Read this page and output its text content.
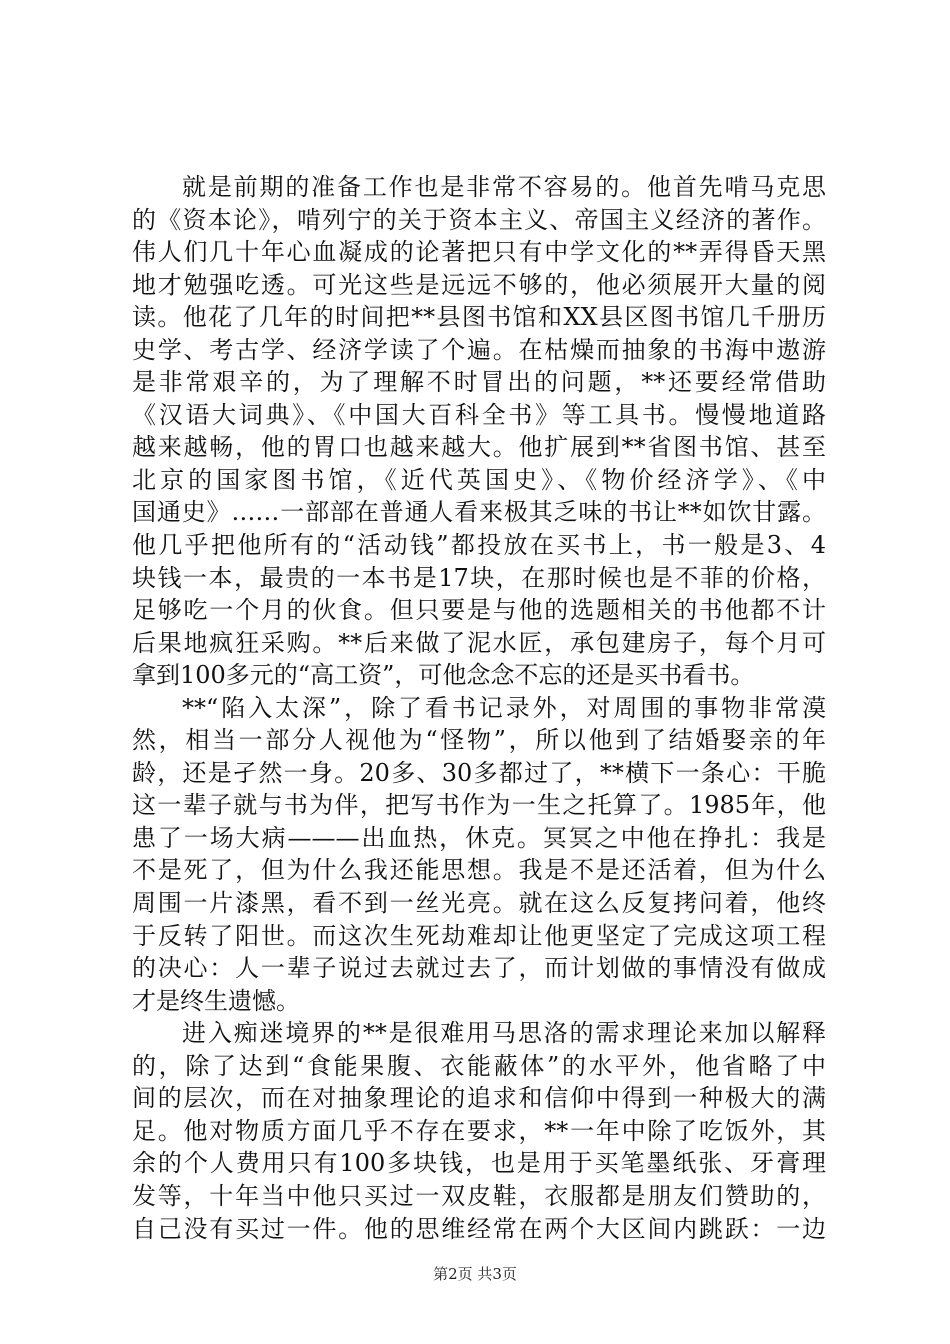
就是前期的准备工作也是非常不容易的。他首先啃马克思
的《资本论》，啃列宁的关于资本主义、帝国主义经济的著作。
伟人们几十年心血凝成的论著把只有中学文化的**弄得昏天黑
地才勉强吃透。可光这些是远远不够的，他必须展开大量的阅
读。他花了几年的时间把**县图书馆和XX县区图书馆几千册历
史学、考古学、经济学读了个遍。在枯燥而抽象的书海中遨游
是非常艰辛的，为了理解不时冒出的问题，**还要经常借助
《汉语大词典》、《中国大百科全书》等工具书。慢慢地道路
越来越畅，他的胃口也越来越大。他扩展到**省图书馆、甚至
北京的国家图书馆，《近代英国史》、《物价经济学》、《中
国通史》……一部部在普通人看来极其乏味的书让**如饮甘露。
他几乎把他所有的“活动钱”都投放在买书上，书一般是3、4
块钱一本，最贵的一本书是17块，在那时候也是不菲的价格，
足够吃一个月的伙食。但只要是与他的选题相关的书他都不计
后果地疯狂采购。**后来做了泥水匠，承包建房子，每个月可
拿到100多元的“高工资”，可他念念不忘的还是买书看书。
**“陷入太深”，除了看书记录外，对周围的事物非常漠
然，相当一部分人视他为“怪物”，所以他到了结婚娶亲的年
龄，还是孑然一身。20多、30多都过了，**横下一条心：干脆
这一辈子就与书为伴，把写书作为一生之托算了。1985年，他
患了一场大病———出血热，休克。冥冥之中他在挣扎：我是
不是死了，但为什么我还能思想。我是不是还活着，但为什么
周围一片漆黑，看不到一丝光亮。就在这么反复拷问着，他终
于反转了阳世。而这次生死劫难却让他更坚定了完成这项工程
的决心：人一辈子说过去就过去了，而计划做的事情没有做成
才是终生遗憾。
进入痴迷境界的**是很难用马思洛的需求理论来加以解释
的，除了达到“食能果腹、衣能蔽体”的水平外，他省略了中
间的层次，而在对抽象理论的追求和信仰中得到一种极大的满
足。他对物质方面几乎不存在要求，**一年中除了吃饭外，其
余的个人费用只有100多块钱，也是用于买笔墨纸张、牙膏理
发等，十年当中他只买过一双皮鞋，衣服都是朋友们赞助的，
自己没有买过一件。他的思维经常在两个大区间内跳跃：一边
第2页 共3页
